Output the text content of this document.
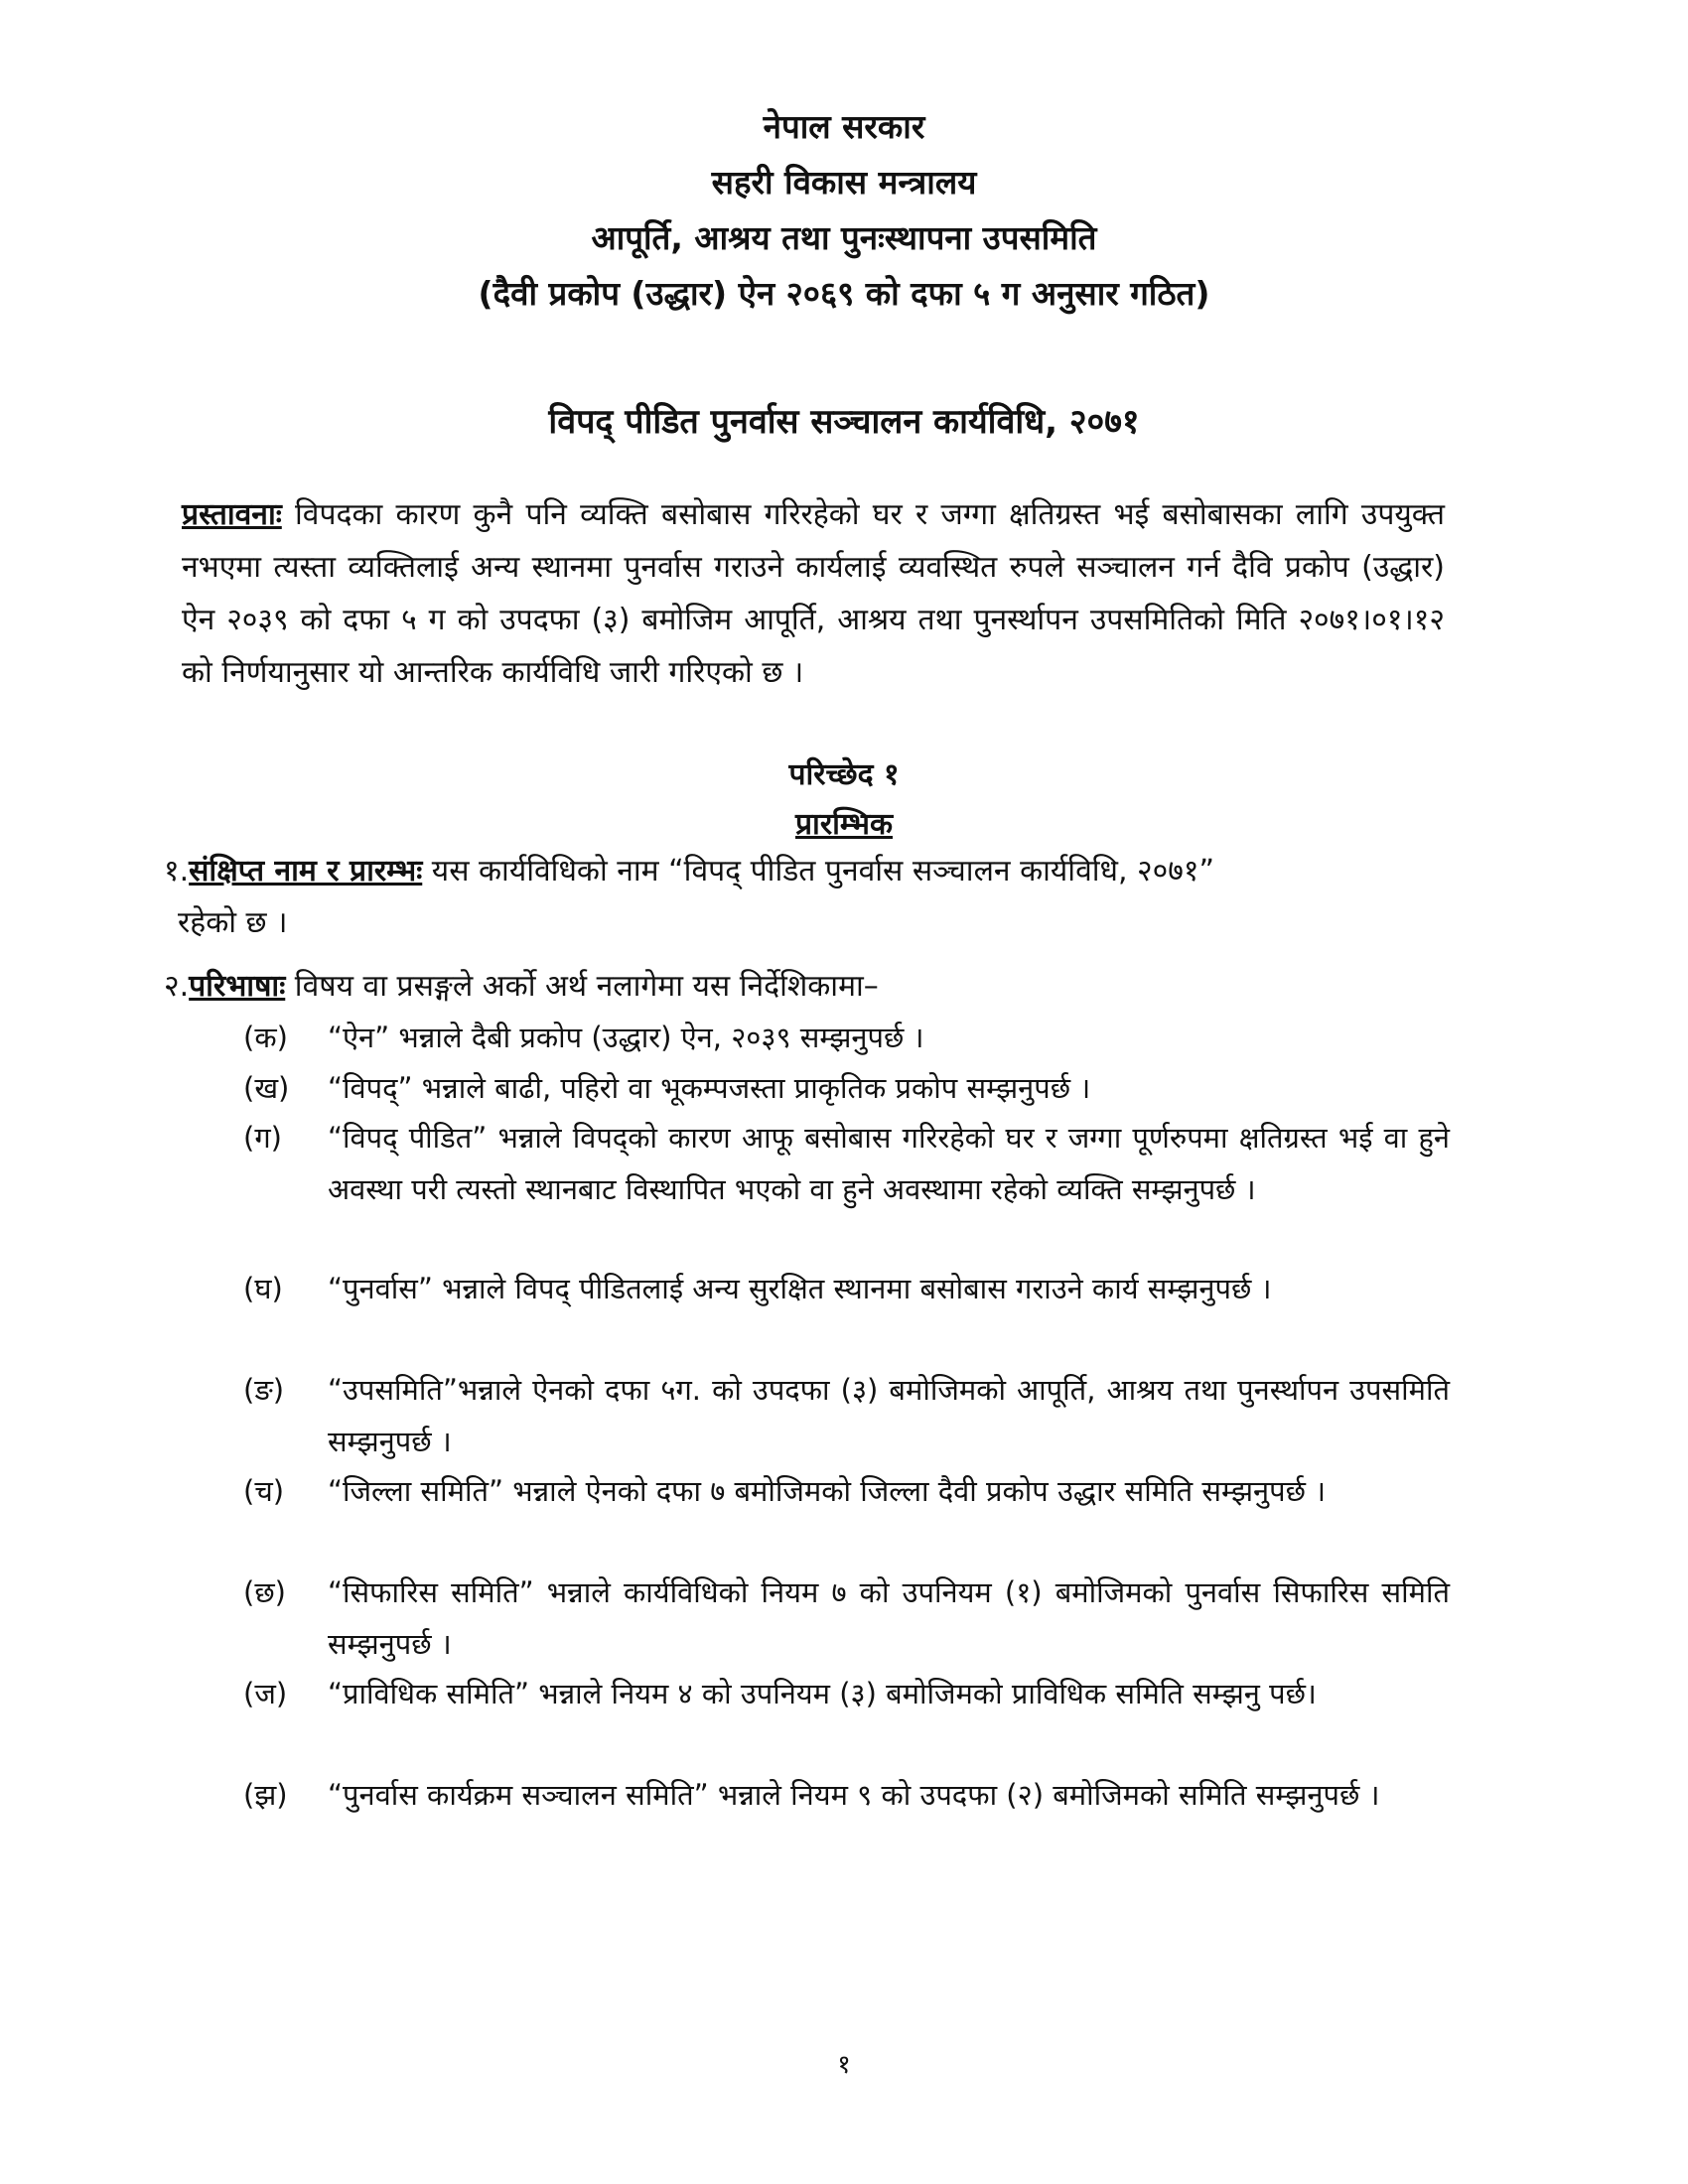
नेपाल सरकार
सहरी विकास मन्त्रालय
आपूर्ति, आश्रय तथा पुनःस्थापना उपसमिति
(दैवी प्रकोप (उद्धार) ऐन २०६९ को दफा ५ ग अनुसार गठित)
विपद् पीडित पुनर्वास सञ्चालन कार्यविधि, २०७१
प्रस्तावनाः विपदका कारण कुनै पनि व्यक्ति बसोबास गरिरहेको घर र जग्गा क्षतिग्रस्त भई बसोबासका लागि उपयुक्त नभएमा त्यस्ता व्यक्तिलाई अन्य स्थानमा पुनर्वास गराउने कार्यलाई व्यवस्थित रुपले सञ्चालन गर्न दैवि प्रकोप (उद्धार) ऐन २०३९ को दफा ५ ग को उपदफा (३) बमोजिम आपूर्ति, आश्रय तथा पुनर्स्थापन उपसमितिको मिति २०७१।०१।१२ को निर्णयानुसार यो आन्तरिक कार्यविधि जारी गरिएको छ ।
परिच्छेद १
प्रारम्भिक
१.संक्षिप्त नाम र प्रारम्भः यस कार्यविधिको नाम “विपद् पीडित पुनर्वास सञ्चालन कार्यविधि, २०७१”
रहेको छ ।
२.परिभाषाः विषय वा प्रसङ्गले अर्को अर्थ नलागेमा यस निर्देशिकामा–
(क)	“ऐन” भन्नाले दैबी प्रकोप (उद्धार) ऐन, २०३९ सम्झनुपर्छ ।
(ख)	“विपद्” भन्नाले बाढी, पहिरो वा भूकम्पजस्ता प्राकृतिक प्रकोप सम्झनुपर्छ ।
(ग)	“विपद् पीडित” भन्नाले विपद्को कारण आफू बसोबास गरिरहेको घर र जग्गा पूर्णरुपमा क्षतिग्रस्त भई वा हुने अवस्था परी त्यस्तो स्थानबाट विस्थापित भएको वा हुने अवस्थामा रहेको व्यक्ति सम्झनुपर्छ ।
(घ)	“पुनर्वास” भन्नाले विपद् पीडितलाई अन्य सुरक्षित स्थानमा बसोबास गराउने कार्य सम्झनुपर्छ ।
(ङ)	“उपसमिति”भन्नाले ऐनको दफा ५ग. को उपदफा (३) बमोजिमको आपूर्ति, आश्रय तथा पुनर्स्थापन उपसमिति सम्झनुपर्छ ।
(च)	“जिल्ला समिति” भन्नाले ऐनको दफा ७ बमोजिमको जिल्ला दैवी प्रकोप उद्धार समिति सम्झनुपर्छ ।
(छ)	“सिफारिस समिति” भन्नाले कार्यविधिको नियम ७ को उपनियम (१) बमोजिमको पुनर्वास सिफारिस समिति सम्झनुपर्छ ।
(ज)	“प्राविधिक समिति” भन्नाले नियम ४ को उपनियम (३) बमोजिमको प्राविधिक समिति सम्झनु पर्छ।
(झ)	“पुनर्वास कार्यक्रम सञ्चालन समिति” भन्नाले नियम ९ को उपदफा (२) बमोजिमको समिति सम्झनुपर्छ ।
१
